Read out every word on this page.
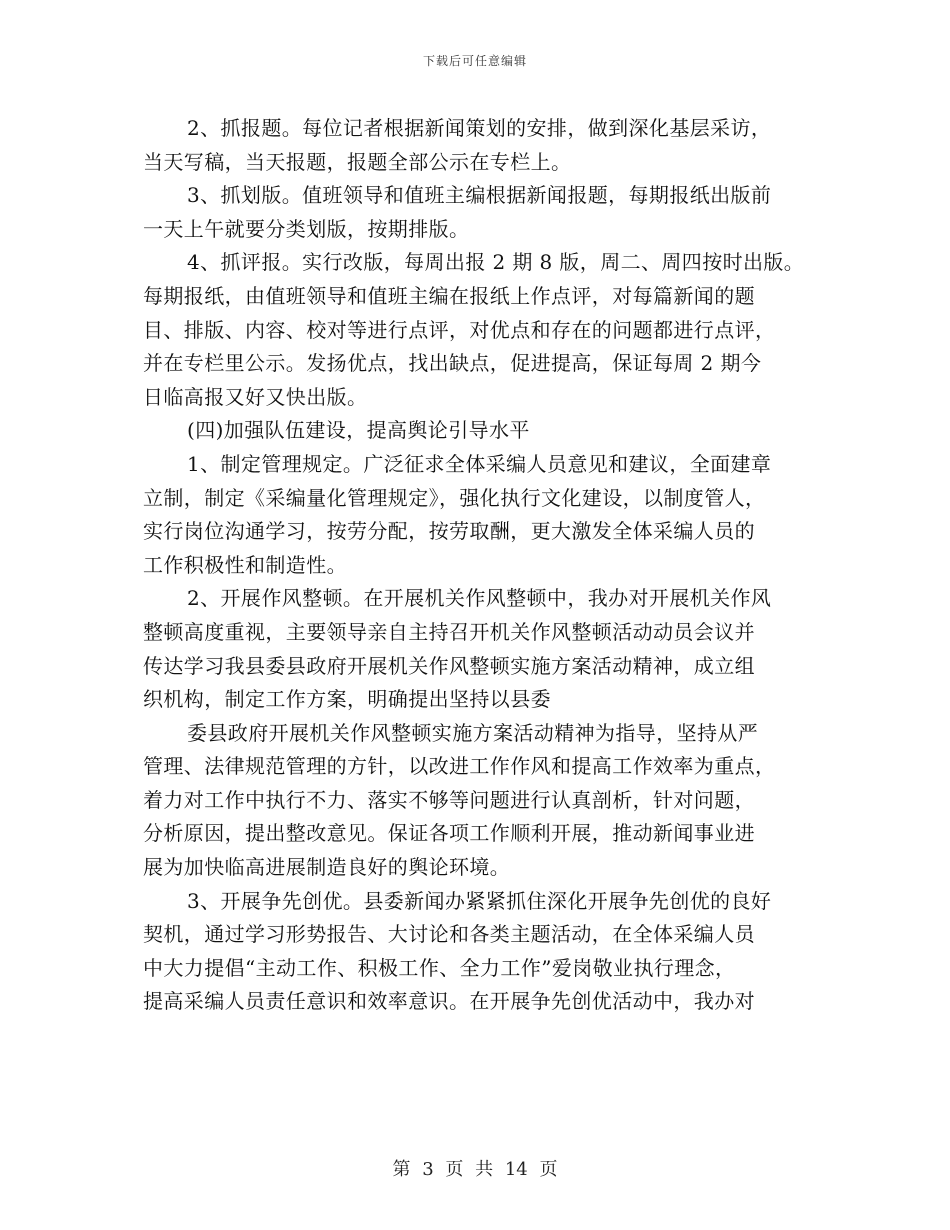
下载后可任意编辑

2、抓报题。每位记者根据新闻策划的安排，做到深化基层采访，
当天写稿，当天报题，报题全部公示在专栏上。

3、抓划版。值班领导和值班主编根据新闻报题，每期报纸出版前
一天上午就要分类划版，按期排版。

4、抓评报。实行改版，每周出报 2 期 8 版，周二、周四按时出版。
每期报纸，由值班领导和值班主编在报纸上作点评，对每篇新闻的题
目、排版、内容、校对等进行点评，对优点和存在的问题都进行点评，
并在专栏里公示。发扬优点，找出缺点，促进提高，保证每周 2 期今
日临高报又好又快出版。

(四)加强队伍建设，提高舆论引导水平

1、制定管理规定。广泛征求全体采编人员意见和建议，全面建章
立制，制定《采编量化管理规定》，强化执行文化建设，以制度管人，
实行岗位沟通学习，按劳分配，按劳取酬，更大激发全体采编人员的
工作积极性和制造性。

2、开展作风整顿。在开展机关作风整顿中，我办对开展机关作风
整顿高度重视，主要领导亲自主持召开机关作风整顿活动动员会议并
传达学习我县委县政府开展机关作风整顿实施方案活动精神，成立组
织机构，制定工作方案，明确提出坚持以县委

委县政府开展机关作风整顿实施方案活动精神为指导，坚持从严
管理、法律规范管理的方针，以改进工作作风和提高工作效率为重点，
着力对工作中执行不力、落实不够等问题进行认真剖析，针对问题，
分析原因，提出整改意见。保证各项工作顺利开展，推动新闻事业进
展为加快临高进展制造良好的舆论环境。

3、开展争先创优。县委新闻办紧紧抓住深化开展争先创优的良好
契机，通过学习形势报告、大讨论和各类主题活动，在全体采编人员
中大力提倡“主动工作、积极工作、全力工作”爱岗敬业执行理念，
提高采编人员责任意识和效率意识。在开展争先创优活动中，我办对

第 3 页 共 14 页
